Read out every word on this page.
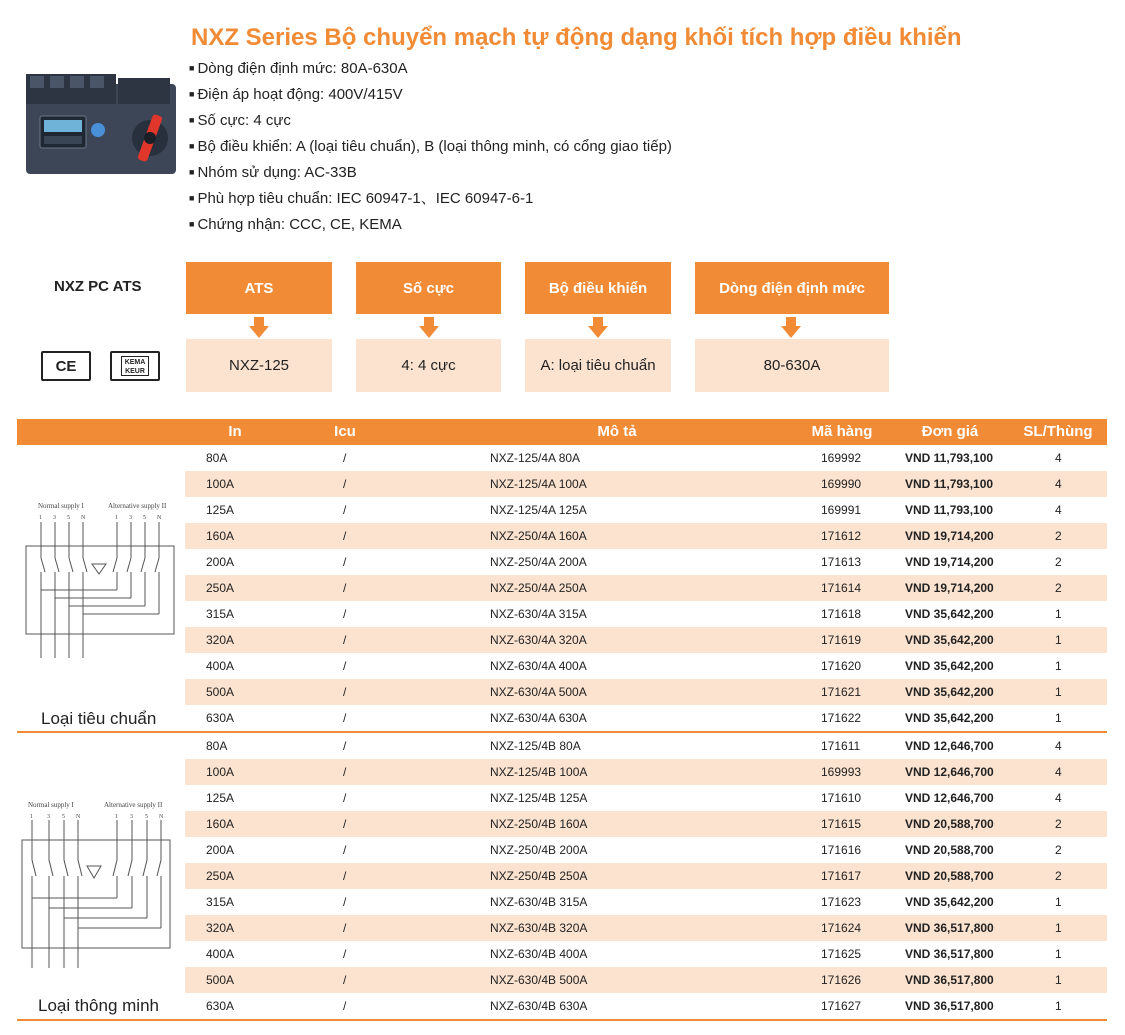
NXZ Series Bộ chuyển mạch tự động dạng khối tích hợp điều khiển
■ Dòng điện định mức: 80A-630A
■ Điện áp hoạt động: 400V/415V
■ Số cực: 4 cực
■ Bộ điều khiển: A (loại tiêu chuẩn), B (loại thông minh, có cổng giao tiếp)
■ Nhóm sử dụng: AC-33B
■ Phù hợp tiêu chuẩn: IEC 60947-1、IEC 60947-6-1
■ Chứng nhận: CCC, CE, KEMA
NXZ PC ATS	ATS	Số cực	Bộ điều khiển	Dòng điện định mức
NXZ-125	4: 4 cực	A: loại tiêu chuẩn	80-630A
CE	KEMA KEUR
In	Icu	Mô tả	Mã hàng	Đơn giá	SL/Thùng
80A	/	NXZ-125/4A 80A	169992	VND 11,793,100	4
100A	/	NXZ-125/4A 100A	169990	VND 11,793,100	4
125A	/	NXZ-125/4A 125A	169991	VND 11,793,100	4
160A	/	NXZ-250/4A 160A	171612	VND 19,714,200	2
200A	/	NXZ-250/4A 200A	171613	VND 19,714,200	2
250A	/	NXZ-250/4A 250A	171614	VND 19,714,200	2
315A	/	NXZ-630/4A 315A	171618	VND 35,642,200	1
320A	/	NXZ-630/4A 320A	171619	VND 35,642,200	1
400A	/	NXZ-630/4A 400A	171620	VND 35,642,200	1
500A	/	NXZ-630/4A 500A	171621	VND 35,642,200	1
630A	/	NXZ-630/4A 630A	171622	VND 35,642,200	1
80A	/	NXZ-125/4B 80A	171611	VND 12,646,700	4
100A	/	NXZ-125/4B 100A	169993	VND 12,646,700	4
125A	/	NXZ-125/4B 125A	171610	VND 12,646,700	4
160A	/	NXZ-250/4B 160A	171615	VND 20,588,700	2
200A	/	NXZ-250/4B 200A	171616	VND 20,588,700	2
250A	/	NXZ-250/4B 250A	171617	VND 20,588,700	2
315A	/	NXZ-630/4B 315A	171623	VND 35,642,200	1
320A	/	NXZ-630/4B 320A	171624	VND 36,517,800	1
400A	/	NXZ-630/4B 400A	171625	VND 36,517,800	1
500A	/	NXZ-630/4B 500A	171626	VND 36,517,800	1
630A	/	NXZ-630/4B 630A	171627	VND 36,517,800	1
Loại tiêu chuẩn
Loại thông minh
Normal supply I	Alternative supply II
1 3 5 N	1 3 5 N
Normal supply I	Alternative supply II
1 3 5 N	1 3 5 N
